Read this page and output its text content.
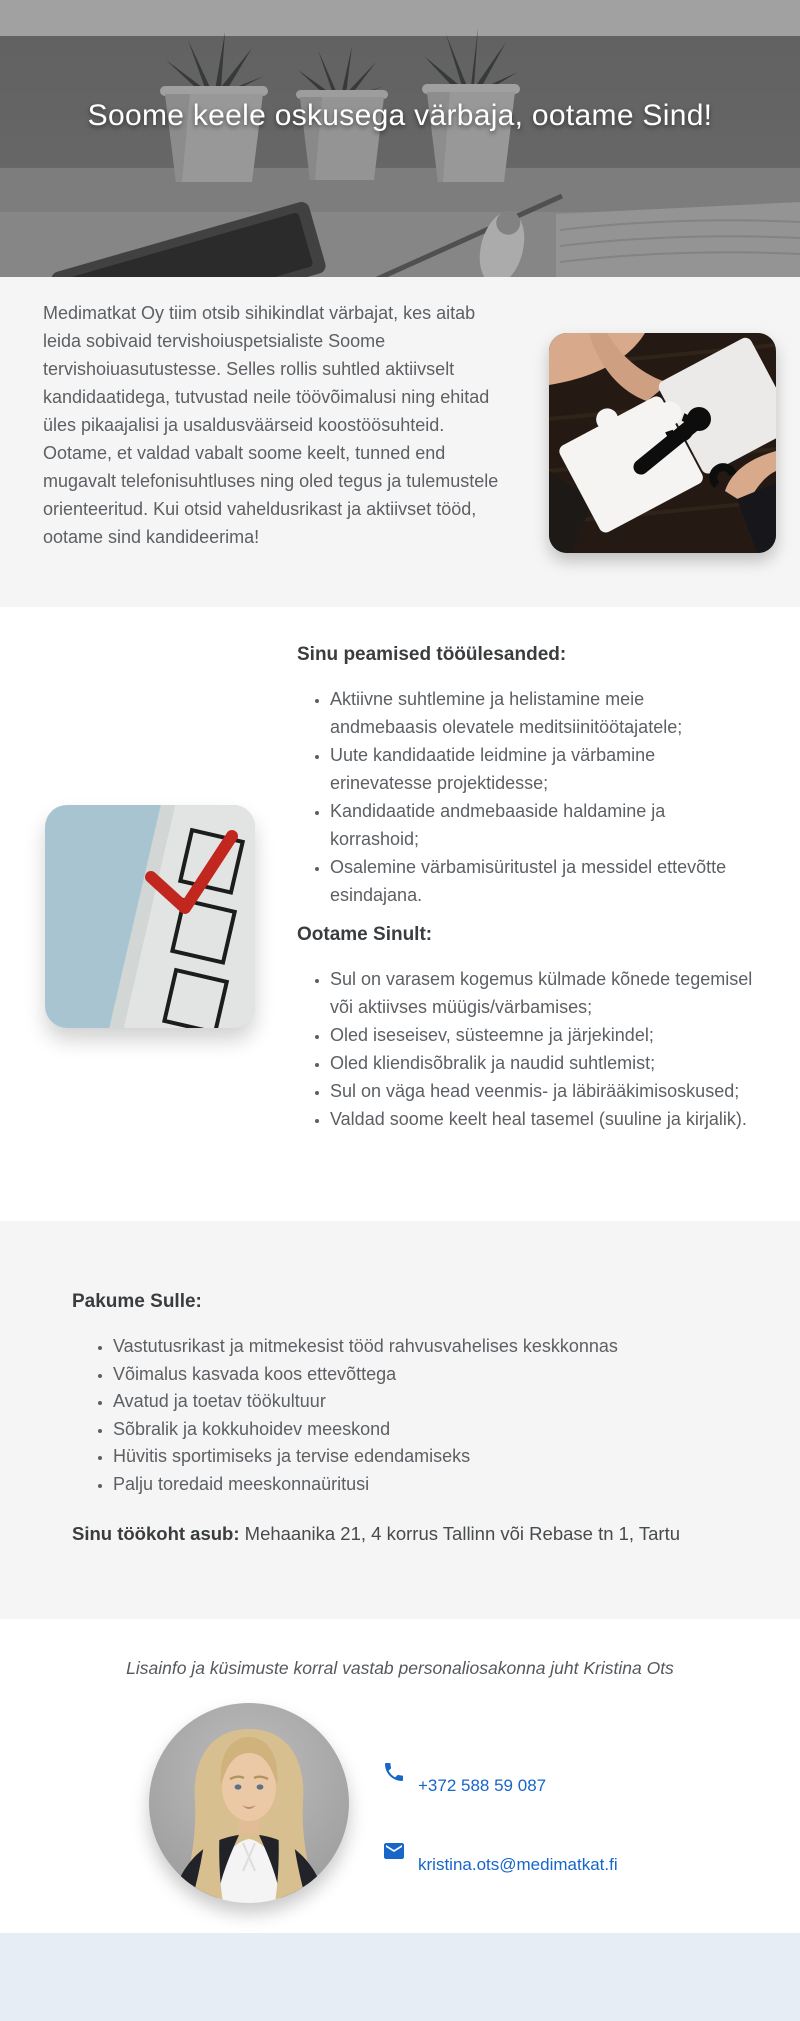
Soome keele oskusega värbaja, ootame Sind!

Medimatkat Oy tiim otsib sihikindlat värbajat, kes aitab leida sobivaid tervishoiuspetsialiste Soome tervishoiuasutustesse. Selles rollis suhtled aktiivselt kandidaatidega, tutvustad neile töövõimalusi ning ehitad üles pikaajalisi ja usaldusväärseid koostöösuhteid. Ootame, et valdad vabalt soome keelt, tunned end mugavalt telefonisuhtluses ning oled tegus ja tulemustele orienteeritud. Kui otsid vaheldusrikast ja aktiivset tööd, ootame sind kandideerima!

Sinu peamised tööülesanded:
• Aktiivne suhtlemine ja helistamine meie andmebaasis olevatele meditsiinitöötajatele;
• Uute kandidaatide leidmine ja värbamine erinevatesse projektidesse;
• Kandidaatide andmebaaside haldamine ja korrashoid;
• Osalemine värbamisüritustel ja messidel ettevõtte esindajana.
Ootame Sinult:
• Sul on varasem kogemus külmade kõnede tegemisel või aktiivses müügis/värbamises;
• Oled iseseisev, süsteemne ja järjekindel;
• Oled kliendisõbralik ja naudid suhtlemist;
• Sul on väga head veenmis- ja läbirääkimisoskused;
• Valdad soome keelt heal tasemel (suuline ja kirjalik).
Pakume Sulle:
• Vastutusrikast ja mitmekesist tööd rahvusvahelises keskkonnas
• Võimalus kasvada koos ettevõttega
• Avatud ja toetav töökultuur
• Sõbralik ja kokkuhoidev meeskond
• Hüvitis sportimiseks ja tervise edendamiseks
• Palju toredaid meeskonnaüritusi

Sinu töökoht asub: Mehaanika 21, 4 korrus Tallinn või Rebase tn 1, Tartu

Lisainfo ja küsimuste korral vastab personaliosakonna juht Kristina Ots

+372 588 59 087
kristina.ots@medimatkat.fi
